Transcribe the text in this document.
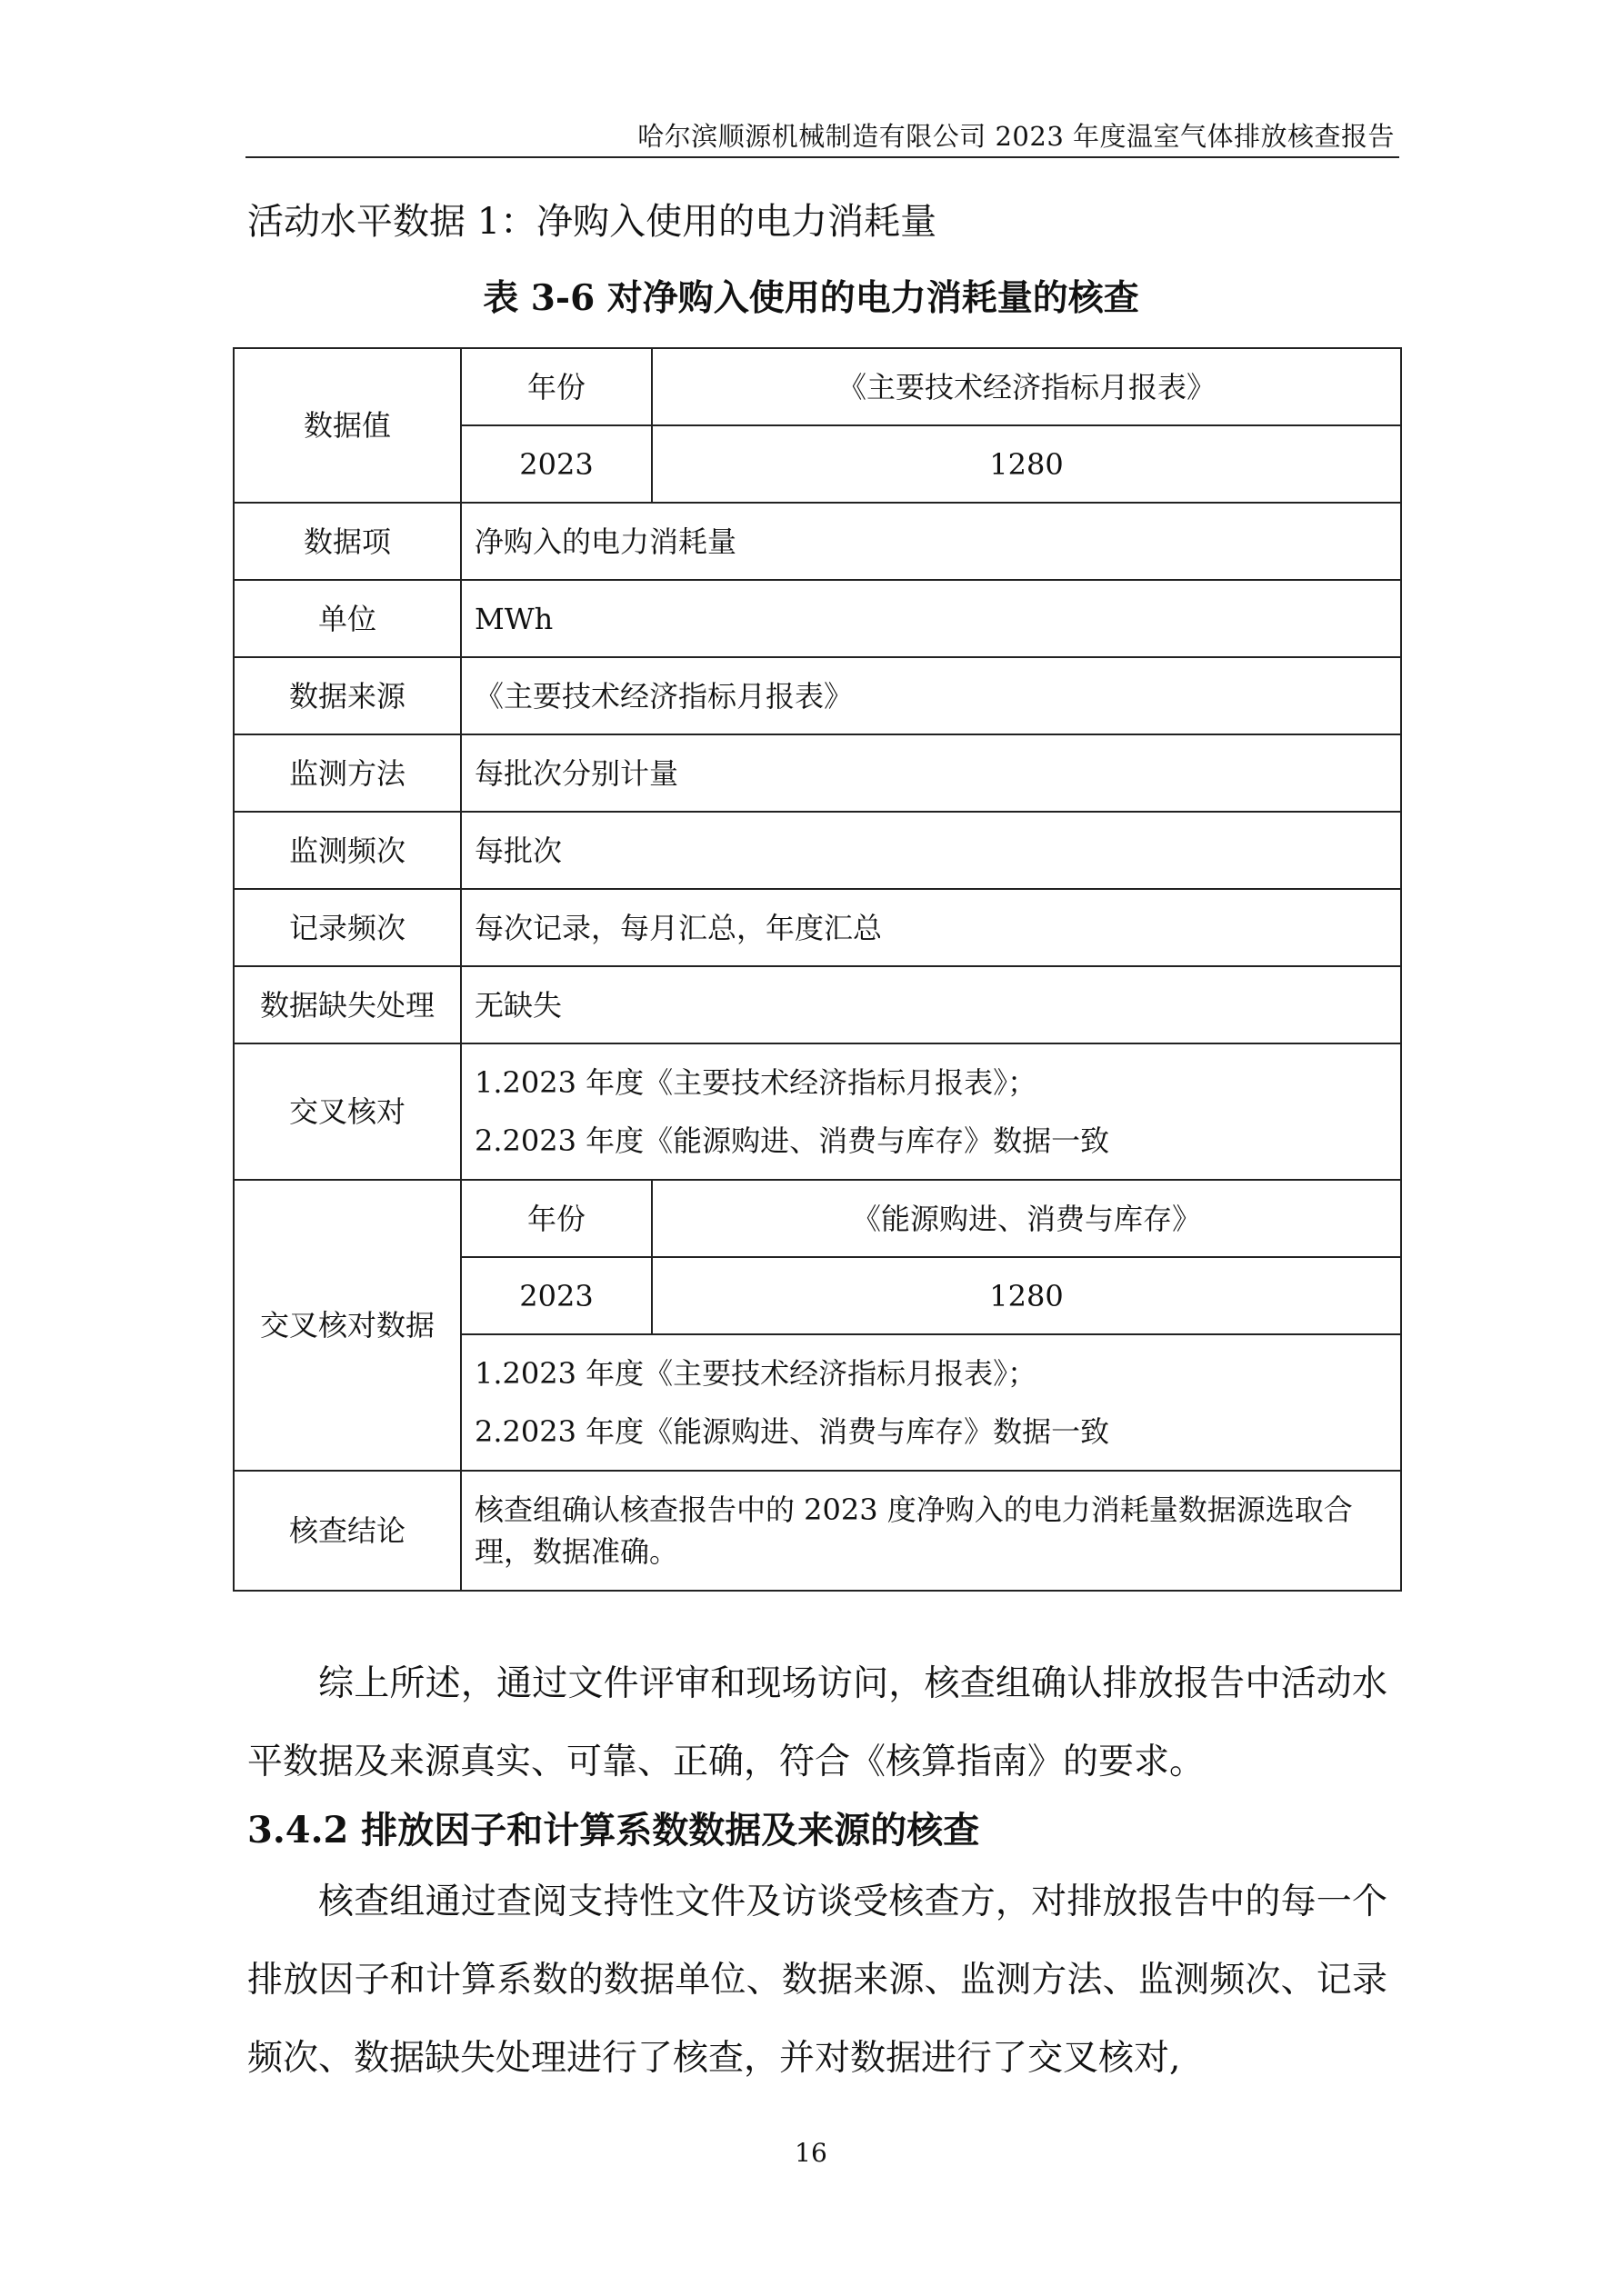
哈尔滨顺源机械制造有限公司 2023 年度温室气体排放核查报告
活动水平数据 1：净购入使用的电力消耗量
表 3-6 对净购入使用的电力消耗量的核查
数据值	年份	《主要技术经济指标月报表》
	2023	1280
数据项	净购入的电力消耗量	
单位	MWh	
数据来源	《主要技术经济指标月报表》	
监测方法	每批次分别计量	
监测频次	每批次	
记录频次	每次记录，每月汇总，年度汇总	
数据缺失处理	无缺失	
交叉核对	1.2023 年度《主要技术经济指标月报表》；
2.2023 年度《能源购进、消费与库存》数据一致	

交叉核对数据	年份	《能源购进、消费与库存》
	2023	1280

	1.2023 年度《主要技术经济指标月报表》；
2.2023 年度《能源购进、消费与库存》数据一致	

核查结论	核查组确认核查报告中的 2023 度净购入的电力消耗量数据源选取合理，数据准确。	

综上所述，通过文件评审和现场访问，核查组确认排放报告中活动水平数据及来源真实、可靠、正确，符合《核算指南》的要求。

3.4.2 排放因子和计算系数数据及来源的核查

核查组通过查阅支持性文件及访谈受核查方，对排放报告中的每一个排放因子和计算系数的数据单位、数据来源、监测方法、监测频次、记录频次、数据缺失处理进行了核查，并对数据进行了交叉核对,

16
